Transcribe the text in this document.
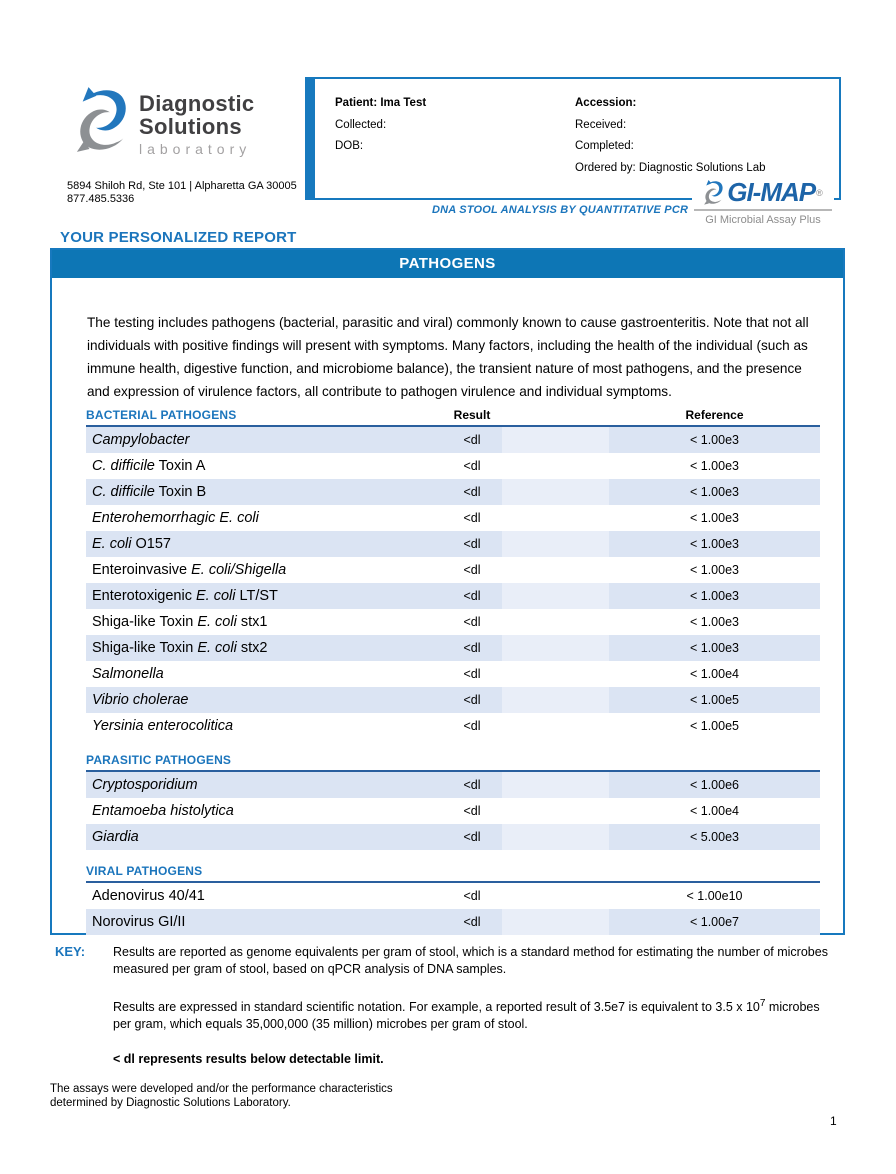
Diagnostic
Solutions
laboratory
5894 Shiloh Rd, Ste 101 | Alpharetta GA 30005
877.485.5336
Patient: Ima Test
Collected:
DOB:
Accession:
Received:
Completed:
Ordered by: Diagnostic Solutions Lab
DNA STOOL ANALYSIS BY QUANTITATIVE PCR
GI-MAP ®
GI Microbial Assay Plus
YOUR PERSONALIZED REPORT
PATHOGENS

The testing includes pathogens (bacterial, parasitic and viral) commonly known to cause gastroenteritis. Note that not all individuals with positive findings will present with symptoms. Many factors, including the health of the individual (such as immune health, digestive function, and microbiome balance), the transient nature of most pathogens, and the presence and expression of virulence factors, all contribute to pathogen virulence and individual symptoms.

BACTERIAL PATHOGENS	Result	Reference
Campylobacter	<dl	< 1.00e3
C. difficile Toxin A	<dl	< 1.00e3
C. difficile Toxin B	<dl	< 1.00e3
Enterohemorrhagic E. coli	<dl	< 1.00e3
E. coli O157	<dl	< 1.00e3
Enteroinvasive E. coli/Shigella	<dl	< 1.00e3
Enterotoxigenic E. coli LT/ST	<dl	< 1.00e3
Shiga-like Toxin E. coli stx1	<dl	< 1.00e3
Shiga-like Toxin E. coli stx2	<dl	< 1.00e3
Salmonella	<dl	< 1.00e4
Vibrio cholerae	<dl	< 1.00e5
Yersinia enterocolitica	<dl	< 1.00e5
PARASITIC PATHOGENS
Cryptosporidium	<dl	< 1.00e6
Entamoeba histolytica	<dl	< 1.00e4
Giardia	<dl	< 5.00e3
VIRAL PATHOGENS
Adenovirus 40/41	<dl	< 1.00e10
Norovirus GI/II	<dl	< 1.00e7
KEY:	Results are reported as genome equivalents per gram of stool, which is a standard method for estimating the number of microbes measured per gram of stool, based on qPCR analysis of DNA samples.

Results are expressed in standard scientific notation. For example, a reported result of 3.5e7 is equivalent to 3.5 x $10^7$ microbes per gram, which equals 35,000,000 (35 million) microbes per gram of stool.

< dl represents results below detectable limit.

The assays were developed and/or the performance characteristics
determined by Diagnostic Solutions Laboratory.
1
